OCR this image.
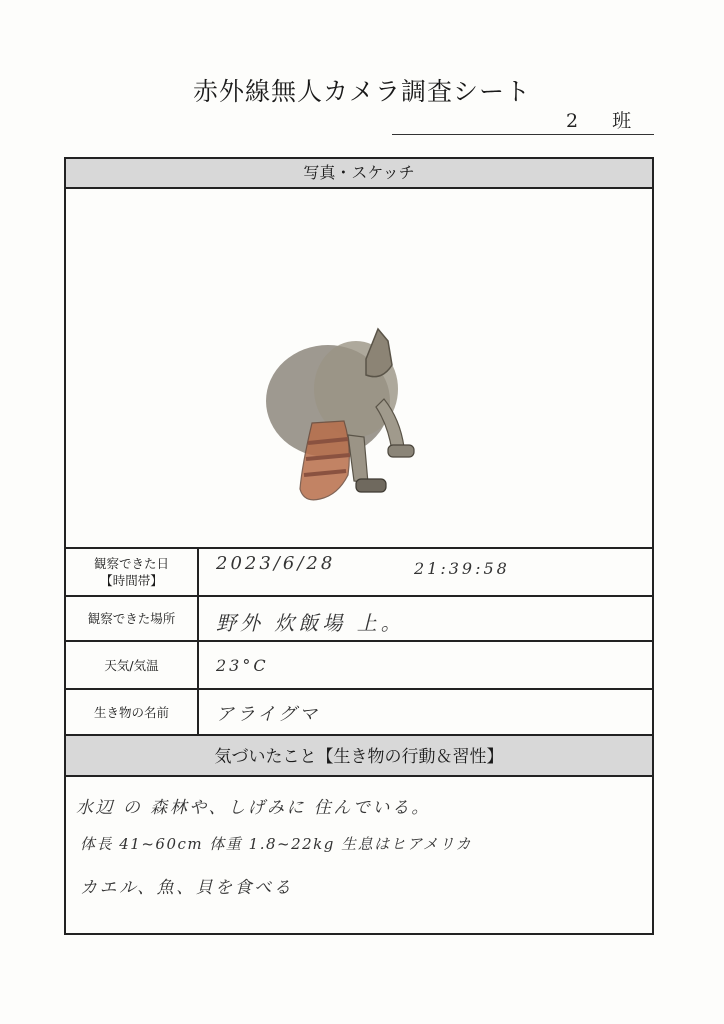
赤外線無人カメラ調査シート
2 班
写真・スケッチ
観察できた日
【時間帯】
2023/6/28	21:39:58
観察できた場所	野外 炊飯場 上。
天気/気温	23°C
生き物の名前	アライグマ
気づいたこと【生き物の行動＆習性】
水辺 の 森林や、しげみに 住んでいる。
体長 41~60cm 体重 1.8~22kg 生息はヒアメリカ
カエル、魚、貝を食べる
